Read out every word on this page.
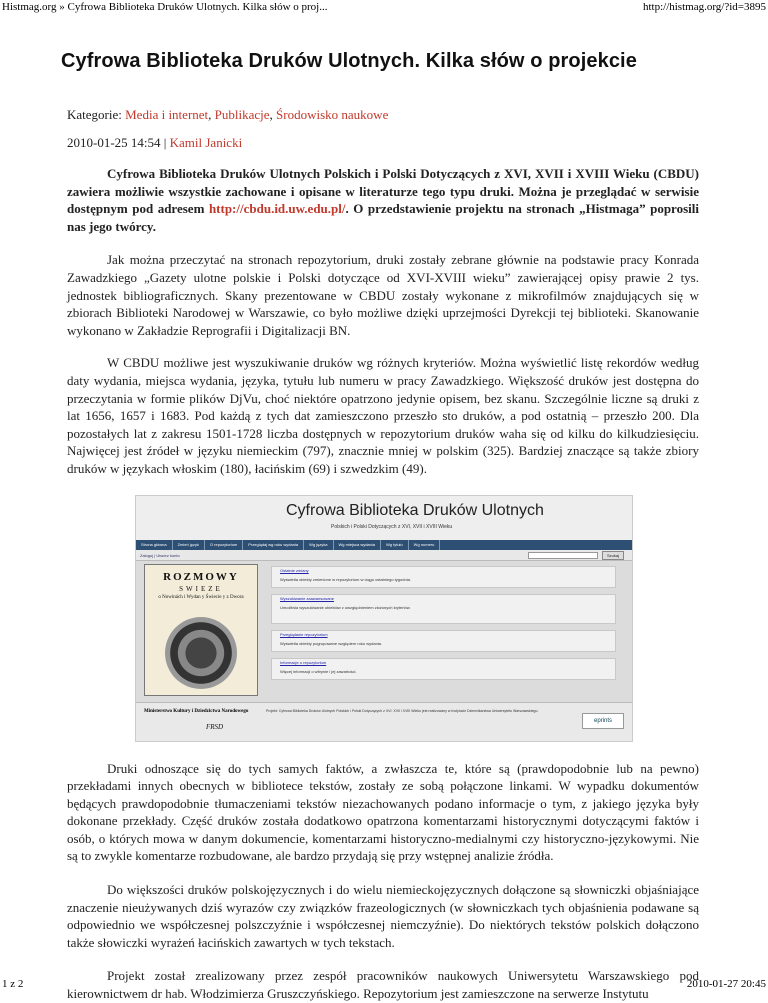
Histmag.org » Cyfrowa Biblioteka Druków Ulotnych. Kilka słów o proj...	http://histmag.org/?id=3895
Cyfrowa Biblioteka Druków Ulotnych. Kilka słów o projekcie
Kategorie: Media i internet, Publikacje, Środowisko naukowe
2010-01-25 14:54 | Kamil Janicki

Cyfrowa Biblioteka Druków Ulotnych Polskich i Polski Dotyczących z XVI, XVII i XVIII Wieku (CBDU) zawiera możliwie wszystkie zachowane i opisane w literaturze tego typu druki. Można je przeglądać w serwisie dostępnym pod adresem http://cbdu.id.uw.edu.pl/. O przedstawienie projektu na stronach „Histmaga” poprosili nas jego twórcy.

Jak można przeczytać na stronach repozytorium, druki zostały zebrane głównie na podstawie pracy Konrada Zawadzkiego „Gazety ulotne polskie i Polski dotyczące od XVI-XVIII wieku” zawierającej opisy prawie 2 tys. jednostek bibliograficznych. Skany prezentowane w CBDU zostały wykonane z mikrofilmów znajdujących się w zbiorach Biblioteki Narodowej w Warszawie, co było możliwe dzięki uprzejmości Dyrekcji tej biblioteki. Skanowanie wykonano w Zakładzie Reprografii i Digitalizacji BN.

W CBDU możliwe jest wyszukiwanie druków wg różnych kryteriów. Można wyświetlić listę rekordów według daty wydania, miejsca wydania, języka, tytułu lub numeru w pracy Zawadzkiego. Większość druków jest dostępna do przeczytania w formie plików DjVu, choć niektóre opatrzono jedynie opisem, bez skanu. Szczególnie liczne są druki z lat 1656, 1657 i 1683. Pod każdą z tych dat zamieszczono przeszło sto druków, a pod ostatnią – przeszło 200. Dla pozostałych lat z zakresu 1501-1728 liczba dostępnych w repozytorium druków waha się od kilku do kilkudziesięciu. Najwięcej jest źródeł w języku niemieckim (797), znacznie mniej w polskim (325). Bardziej znaczące są także zbiory druków w językach włoskim (180), łacińskim (69) i szwedzkim (49).

Cyfrowa Biblioteka Druków Ulotnych
Polskich i Polski Dotyczących z XVI, XVII i XVIII Wieku
Strona główna	Zmień język	O repozytorium	Przeglądaj wg roku wydania	Wg języka	Wg miejsca wydania	Wg tytułu	Wg numeru
Zaloguj | Utwórz konto	Szukaj
ROZMOWY
SWIEZE
o Nowinách i Wydan y Świecie y z Dwora
Ostatnie zmiany
Wyświetla obiekty zmienione w repozytorium w ciągu ostatniego tygodnia.
Wyszukiwanie zaawansowane
Umożliwia wyszukiwanie obiektów z uwzględnieniem złożonych kryteriów.
Przeglądanie repozytorium
Wyświetla obiekty pogrupowane względem roku wydania.
Informacje o repozytorium
Więcej informacji o witrynie i jej zawartości.
Ministerstwo Kultury i Dziedzictwa Narodowego
FRSD
Projekt: Cyfrowa Biblioteka Druków Ulotnych Polskich i Polski Dotyczących z XVI, XVII i XVIII Wieku jest realizowany w Instytucie Dziennikarstwa Uniwersytetu Warszawskiego.
eprints

Druki odnoszące się do tych samych faktów, a zwłaszcza te, które są (prawdopodobnie lub na pewno) przekładami innych obecnych w bibliotece tekstów, zostały ze sobą połączone linkami. W wypadku dokumentów będących prawdopodobnie tłumaczeniami tekstów niezachowanych podano informacje o tym, z jakiego języka były dokonane przekłady. Część druków została dodatkowo opatrzona komentarzami historycznymi dotyczącymi faktów i osób, o których mowa w danym dokumencie, komentarzami historyczno-medialnymi czy historyczno-językowymi. Nie są to zwykle komentarze rozbudowane, ale bardzo przydają się przy wstępnej analizie źródła.

Do większości druków polskojęzycznych i do wielu niemieckojęzycznych dołączone są słowniczki objaśniające znaczenie nieużywanych dziś wyrazów czy związków frazeologicznych (w słowniczkach tych objaśnienia podawane są odpowiednio we współczesnej polszczyźnie i współczesnej niemczyźnie). Do niektórych tekstów polskich dołączono także słowiczki wyrażeń łacińskich zawartych w tych tekstach.

Projekt został zrealizowany przez zespół pracowników naukowych Uniwersytetu Warszawskiego pod kierownictwem dr hab. Włodzimierza Gruszczyńskiego. Repozytorium jest zamieszczone na serwerze Instytutu

1 z 2	2010-01-27 20:45
